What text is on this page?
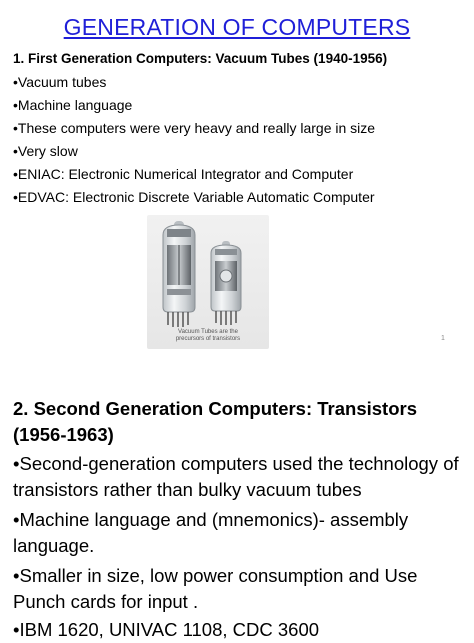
GENERATION OF COMPUTERS
1. First Generation Computers: Vacuum Tubes (1940-1956)
•Vacuum tubes
•Machine language
•These computers were very heavy and really large in size
•Very slow
•ENIAC: Electronic Numerical Integrator and Computer
•EDVAC: Electronic Discrete Variable Automatic Computer
Vacuum Tubes are the
precursors of transistors	1
2. Second Generation Computers: Transistors (1956-1963)
•Second-generation computers used the technology of transistors rather than bulky vacuum tubes
•Machine language and (mnemonics)- assembly language.
•Smaller in size, low power consumption and Use Punch cards for input .
•IBM 1620, UNIVAC 1108, CDC 3600
